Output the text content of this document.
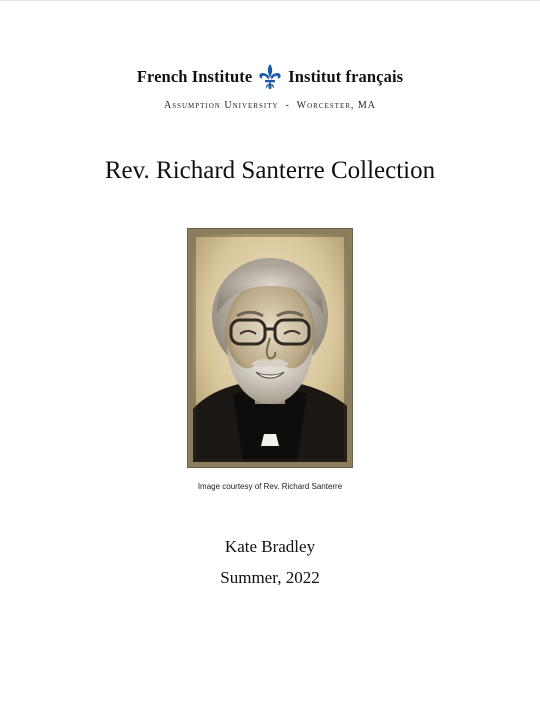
French Institute Institut français
Assumption University  -  Worcester, MA
Rev. Richard Santerre Collection
Image courtesy of Rev. Richard Santerre
Kate Bradley
Summer, 2022
